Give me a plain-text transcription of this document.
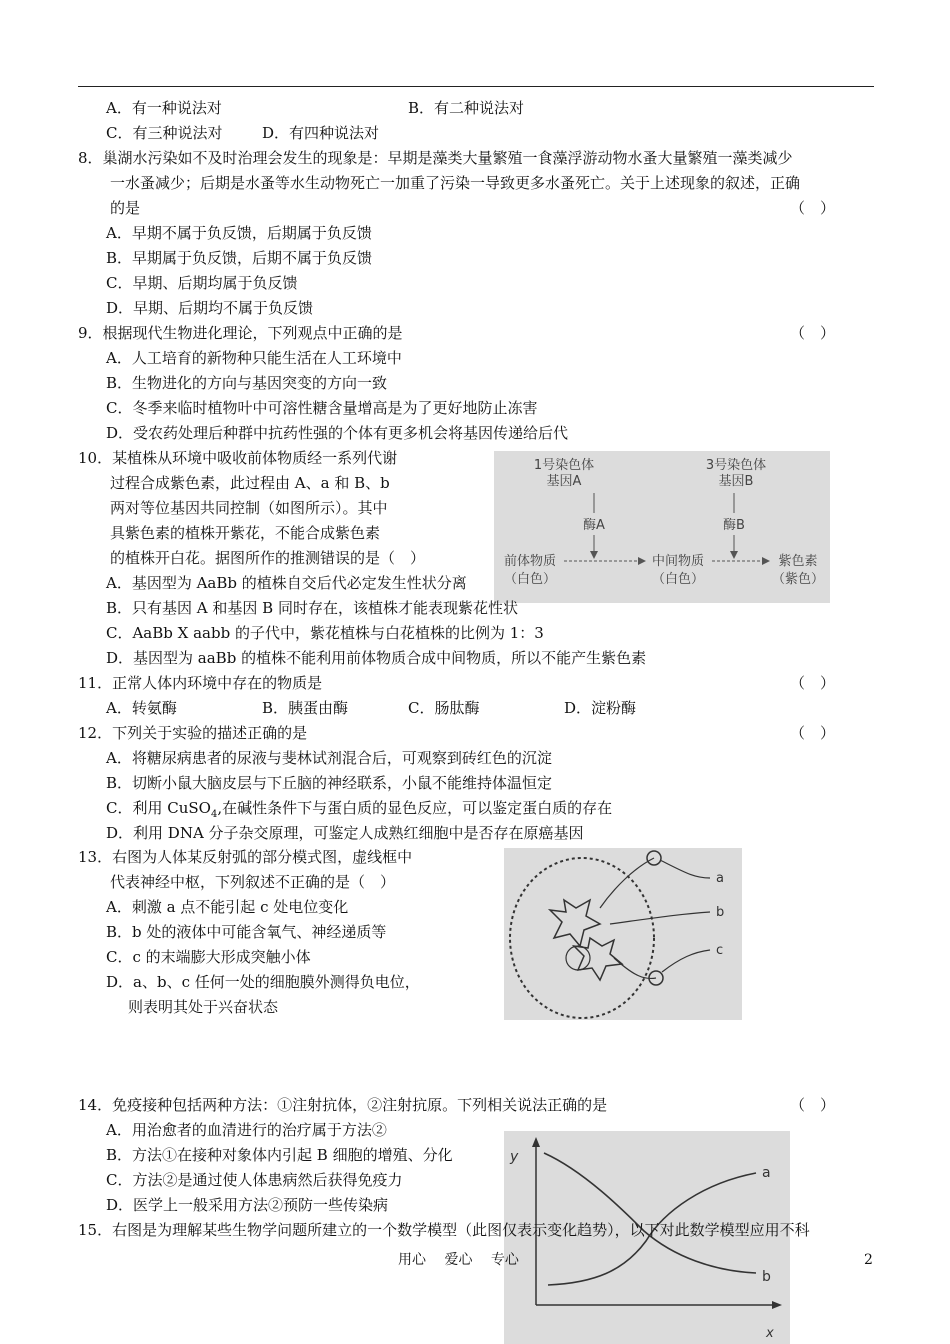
A．有一种说法对	B．有二种说法对
C．有三种说法对	D．有四种说法对
8．巢湖水污染如不及时治理会发生的现象是：早期是藻类大量繁殖一食藻浮游动物水蚤大量繁殖一藻类减少
一水蚤减少；后期是水蚤等水生动物死亡一加重了污染一导致更多水蚤死亡。关于上述现象的叙述，正确
的是	（　）
A．早期不属于负反馈，后期属于负反馈
B．早期属于负反馈，后期不属于负反馈
C．早期、后期均属于负反馈
D．早期、后期均不属于负反馈
9．根据现代生物进化理论，下列观点中正确的是	（　）
A．人工培育的新物种只能生活在人工环境中
B．生物进化的方向与基因突变的方向一致
C．冬季来临时植物叶中可溶性糖含量增高是为了更好地防止冻害
D．受农药处理后种群中抗药性强的个体有更多机会将基因传递给后代
1号染色体
基因A
3号染色体
基因B
酶A	酶B
前体物质
（白色）
中间物质
（白色）
紫色素
（紫色）
10．某植株从环境中吸收前体物质经一系列代谢
过程合成紫色素，此过程由 A、a 和 B、b
两对等位基因共同控制（如图所示）。其中
具紫色素的植株开紫花，不能合成紫色素
的植株开白花。据图所作的推测错误的是（　）
A．基因型为 AaBb 的植株自交后代必定发生性状分离
B．只有基因 A 和基因 B 同时存在，该植株才能表现紫花性状
C．AaBb X aabb 的子代中，紫花植株与白花植株的比例为 1：3
D．基因型为 aaBb 的植株不能利用前体物质合成中间物质，所以不能产生紫色素
11．正常人体内环境中存在的物质是	（　）
A．转氨酶	B．胰蛋由酶	C．肠肽酶	D．淀粉酶
12．下列关于实验的描述正确的是	（　）
A．将糖尿病患者的尿液与斐林试剂混合后，可观察到砖红色的沉淀
B．切断小鼠大脑皮层与下丘脑的神经联系，小鼠不能维持体温恒定
C．利用 CuSO$_4$,在碱性条件下与蛋白质的显色反应，可以鉴定蛋白质的存在
D．利用 DNA 分子杂交原理，可鉴定人成熟红细胞中是否存在原癌基因
a
b
c
13．右图为人体某反射弧的部分模式图，虚线框中
代表神经中枢，下列叙述不正确的是（　）
A．刺激 a 点不能引起 c 处电位变化
B．b 处的液体中可能含氧气、神经递质等
C．c 的末端膨大形成突触小体
D．a、b、c 任何一处的细胞膜外测得负电位，
则表明其处于兴奋状态
14．免疫接种包括两种方法：①注射抗体，②注射抗原。下列相关说法正确的是	（　）
y
x
a
b
A．用治愈者的血清进行的治疗属于方法②
B．方法①在接种对象体内引起 B 细胞的增殖、分化
C．方法②是通过使人体患病然后获得免疫力
D．医学上一般采用方法②预防一些传染病
15．右图是为理解某些生物学问题所建立的一个数学模型（此图仅表示变化趋势），以下对此数学模型应用不科
用心　 爱心　 专心	2
